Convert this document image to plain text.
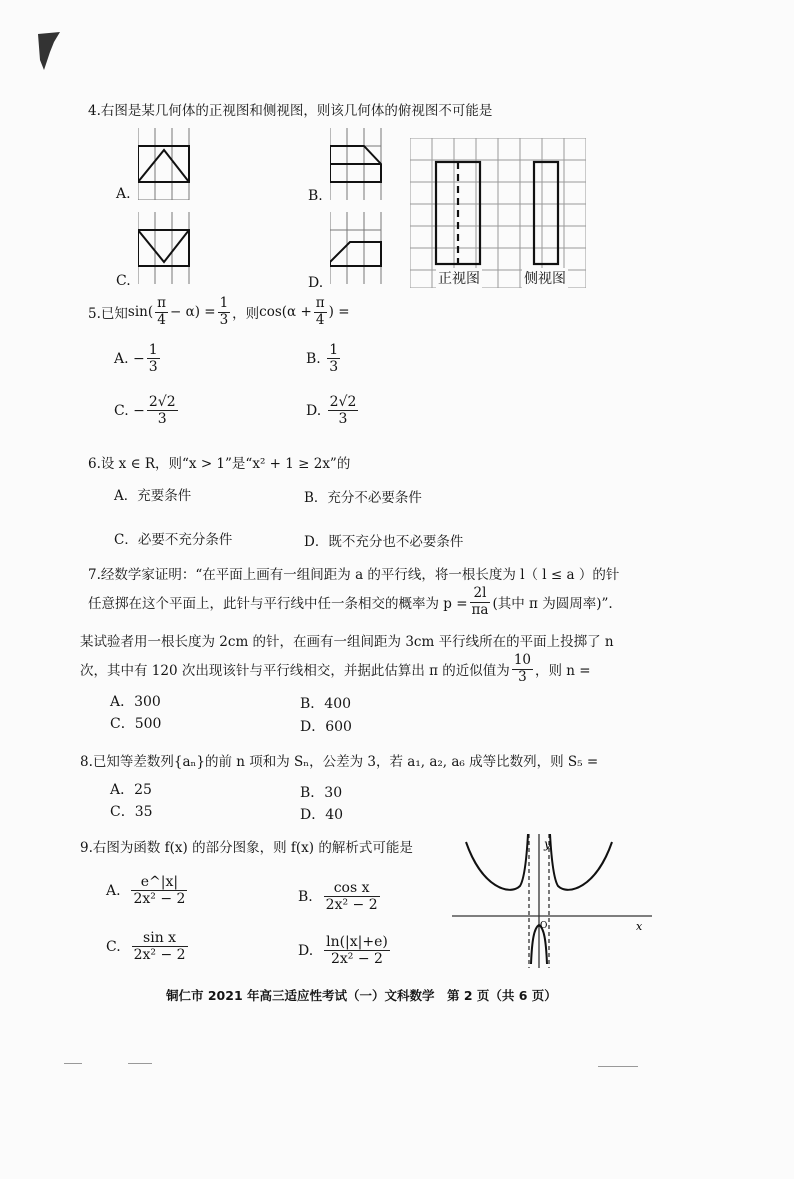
4.右图是某几何体的正视图和侧视图，则该几何体的俯视图不可能是
A.	B.
C.	D.	正视图	侧视图
5.已知 $\sin( \frac{\pi}{4} - \alpha) = \frac{1}{3}$ ，则 $\cos(\alpha + \frac{\pi}{4}$ ) =
A.
− $\frac{1}{3}$	B.
$\frac{1}{3}$
C.
− $\frac{2√2}{3}$	D.
$\frac{2√2}{3}$
6.设 x ∈ R，则“x > 1”是“x² + 1 ≥ 2x”的
A．充要条件	B．充分不必要条件
C．必要不充分条件	D．既不充分也不必要条件
7.经数学家证明：“在平面上画有一组间距为 a 的平行线，将一根长度为 l（ l ≤ a ）的针
任意掷在这个平面上，此针与平行线中任一条相交的概率为 $p = \frac{2l}{\pi a}$ (其中 π 为圆周率)”.
某试验者用一根长度为 2cm 的针，在画有一组间距为 3cm 平行线所在的平面上投掷了 n
次，其中有 120 次出现该针与平行线相交，并据此估算出 π 的近似值为 $\frac{10}{3}$ ，则 n =
A．300	B．400
C．500	D．600
8.已知等差数列{aₙ}的前 n 项和为 Sₙ，公差为 3，若 a₁, a₂, a₆ 成等比数列，则 S₅ =
A．25	B．30
C．35	D．40
9.右图为函数 f(x) 的部分图象，则 f(x) 的解析式可能是
A.
$\frac{e\^{}|x|}{\text{2x² − 2}}$	B.
$\frac{\text{cos x}}{\text{2x² − 2}}$
C.
$\frac{\text{sin x}}{\text{2x² − 2}}$	D.
$\frac{\ln(|x|+e)}{\text{2x² − 2}}$
y
x
O
铜仁市 2021 年高三适应性考试（一）文科数学　第 2 页（共 6 页）
